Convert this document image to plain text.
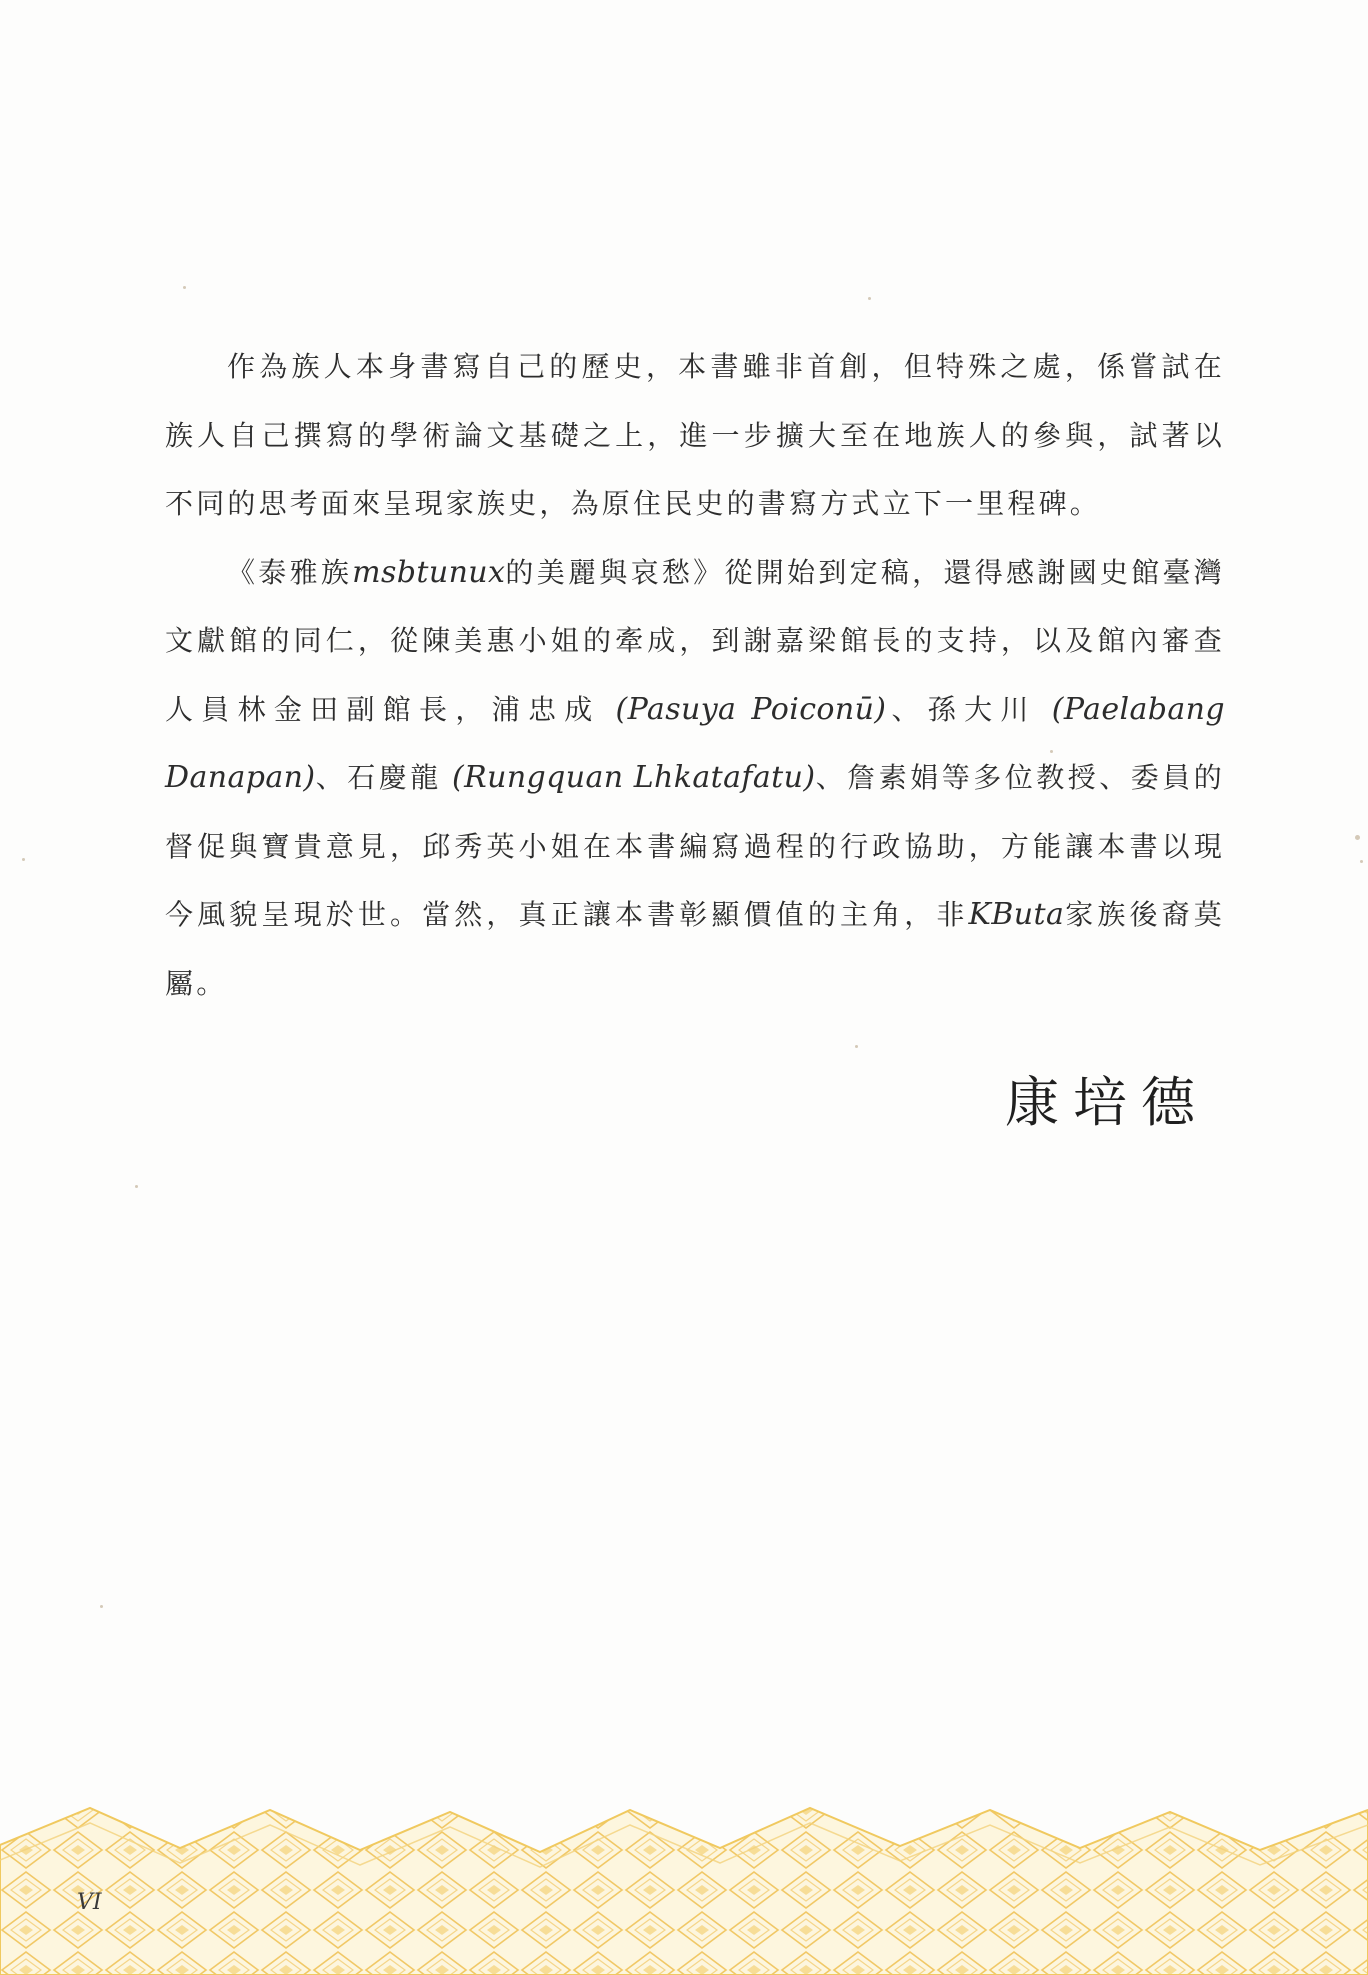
作為族人本身書寫自己的歷史，本書雖非首創，但特殊之處，係嘗試在族人自己撰寫的學術論文基礎之上，進一步擴大至在地族人的參與，試著以不同的思考面來呈現家族史，為原住民史的書寫方式立下一里程碑。

《泰雅族msbtunux的美麗與哀愁》從開始到定稿，還得感謝國史館臺灣文獻館的同仁，從陳美惠小姐的牽成，到謝嘉梁館長的支持，以及館內審查人員林金田副館長，浦忠成 (Pasuya Poiconū)、孫大川 (Paelabang Danapan)、石慶龍 (Rungquan Lhkatafatu)、詹素娟等多位教授、委員的督促與寶貴意見，邱秀英小姐在本書編寫過程的行政協助，方能讓本書以現今風貌呈現於世。當然，真正讓本書彰顯價值的主角，非KButa家族後裔莫屬。

康培德
VI
